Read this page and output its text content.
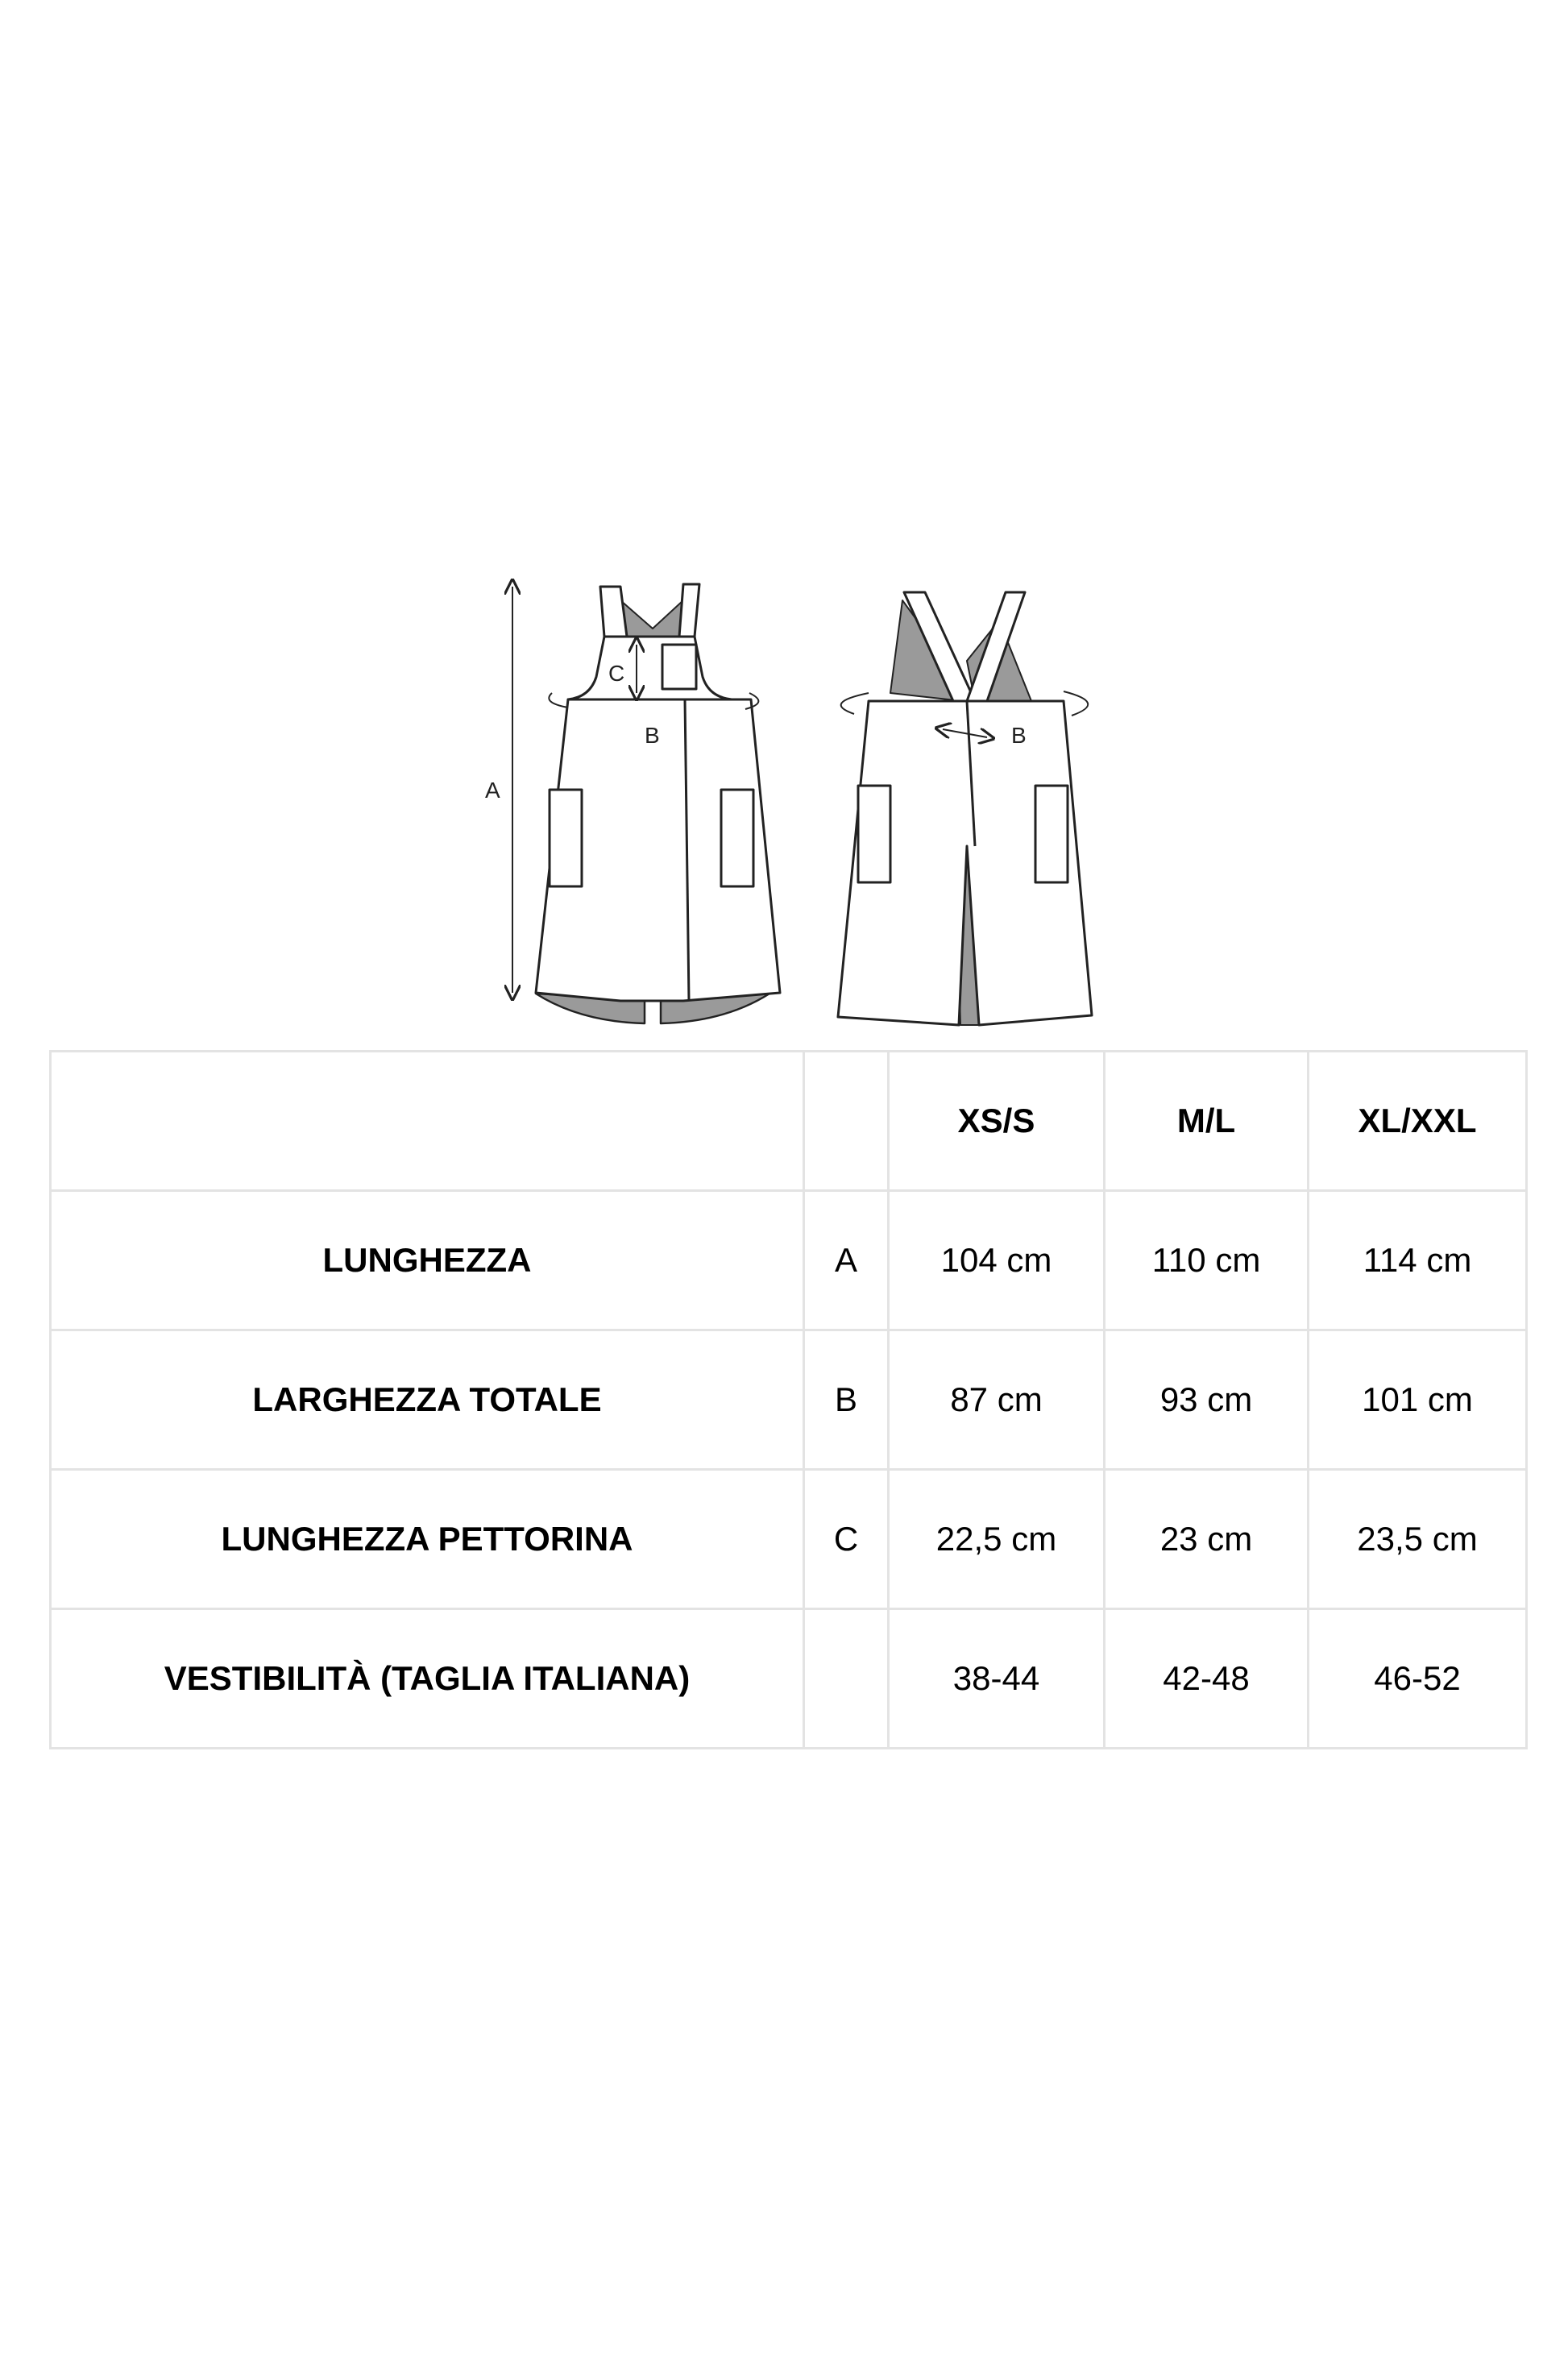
C
B
A
B
		XS/S	M/L	XL/XXL
LUNGHEZZA	A	104 cm	110 cm	114 cm
LARGHEZZA TOTALE	B	87 cm	93 cm	101 cm
LUNGHEZZA PETTORINA	C	22,5 cm	23 cm	23,5 cm
VESTIBILITÀ (TAGLIA ITALIANA)		38-44	42-48	46-52
